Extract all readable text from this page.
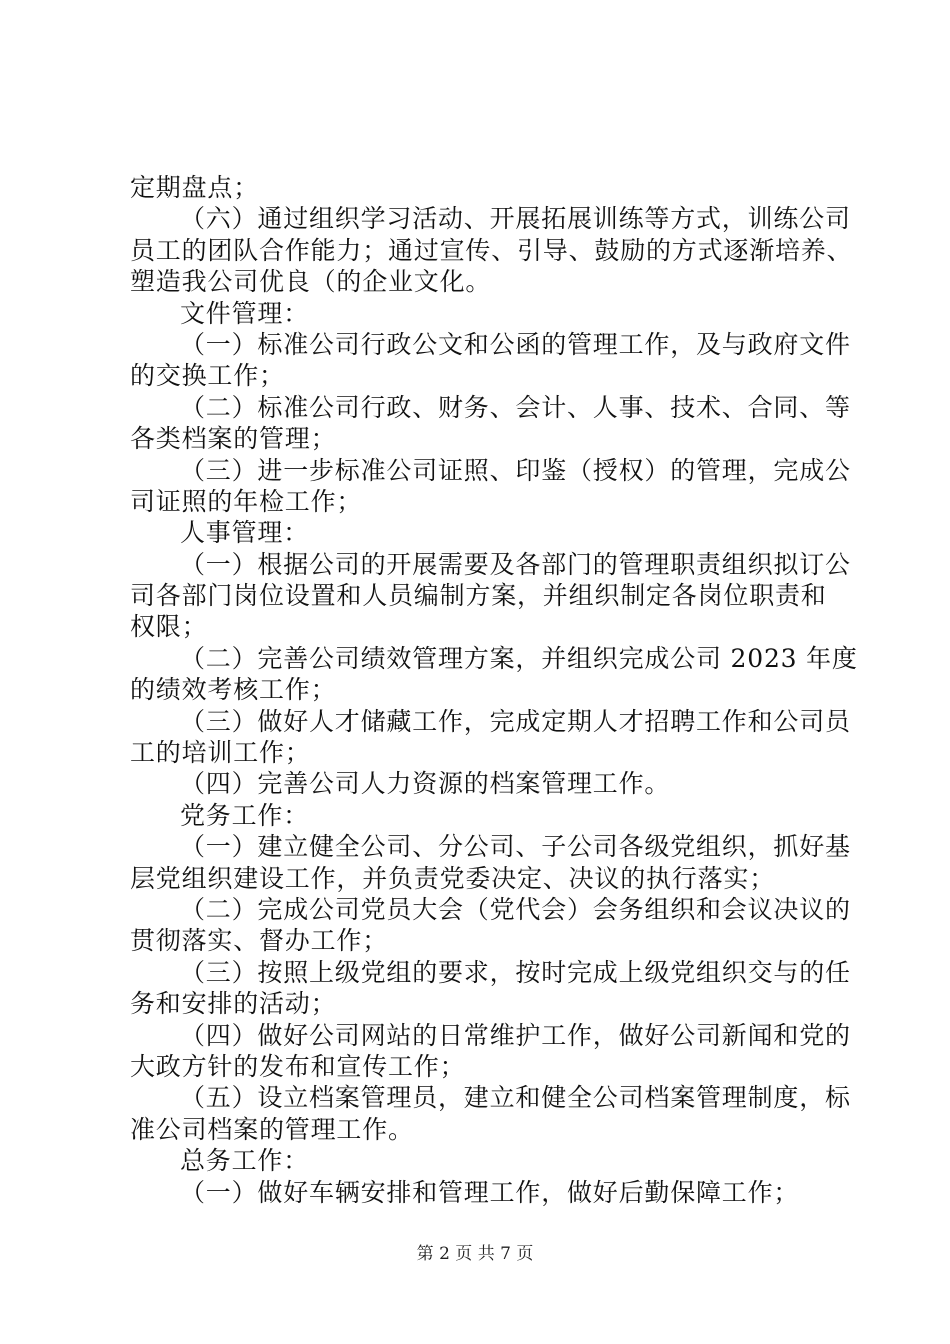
定期盘点；
（六）通过组织学习活动、开展拓展训练等方式，训练公司
员工的团队合作能力；通过宣传、引导、鼓励的方式逐渐培养、
塑造我公司优良（的企业文化。
文件管理：
（一）标准公司行政公文和公函的管理工作，及与政府文件
的交换工作；
（二）标准公司行政、财务、会计、人事、技术、合同、等
各类档案的管理；
（三）进一步标准公司证照、印鉴（授权）的管理，完成公
司证照的年检工作；
人事管理：
（一）根据公司的开展需要及各部门的管理职责组织拟订公
司各部门岗位设置和人员编制方案，并组织制定各岗位职责和
权限；
（二）完善公司绩效管理方案，并组织完成公司 2023 年度
的绩效考核工作；
（三）做好人才储藏工作，完成定期人才招聘工作和公司员
工的培训工作；
（四）完善公司人力资源的档案管理工作。
党务工作：
（一）建立健全公司、分公司、子公司各级党组织，抓好基
层党组织建设工作，并负责党委决定、决议的执行落实；
（二）完成公司党员大会（党代会）会务组织和会议决议的
贯彻落实、督办工作；
（三）按照上级党组的要求，按时完成上级党组织交与的任
务和安排的活动；
（四）做好公司网站的日常维护工作，做好公司新闻和党的
大政方针的发布和宣传工作；
（五）设立档案管理员，建立和健全公司档案管理制度，标
准公司档案的管理工作。
总务工作：
（一）做好车辆安排和管理工作，做好后勤保障工作；
第 2 页 共 7 页
